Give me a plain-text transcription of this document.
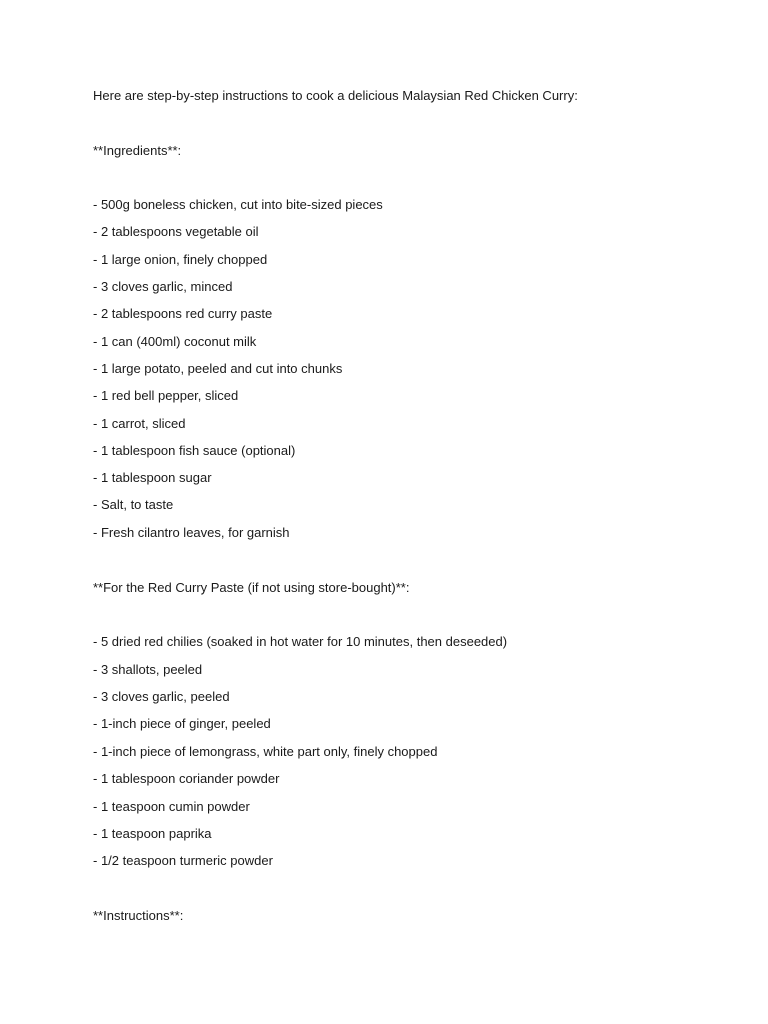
Here are step-by-step instructions to cook a delicious Malaysian Red Chicken Curry:
**Ingredients**:
- 500g boneless chicken, cut into bite-sized pieces
- 2 tablespoons vegetable oil
- 1 large onion, finely chopped
- 3 cloves garlic, minced
- 2 tablespoons red curry paste
- 1 can (400ml) coconut milk
- 1 large potato, peeled and cut into chunks
- 1 red bell pepper, sliced
- 1 carrot, sliced
- 1 tablespoon fish sauce (optional)
- 1 tablespoon sugar
- Salt, to taste
- Fresh cilantro leaves, for garnish
**For the Red Curry Paste (if not using store-bought)**:
- 5 dried red chilies (soaked in hot water for 10 minutes, then deseeded)
- 3 shallots, peeled
- 3 cloves garlic, peeled
- 1-inch piece of ginger, peeled
- 1-inch piece of lemongrass, white part only, finely chopped
- 1 tablespoon coriander powder
- 1 teaspoon cumin powder
- 1 teaspoon paprika
- 1/2 teaspoon turmeric powder
**Instructions**:
